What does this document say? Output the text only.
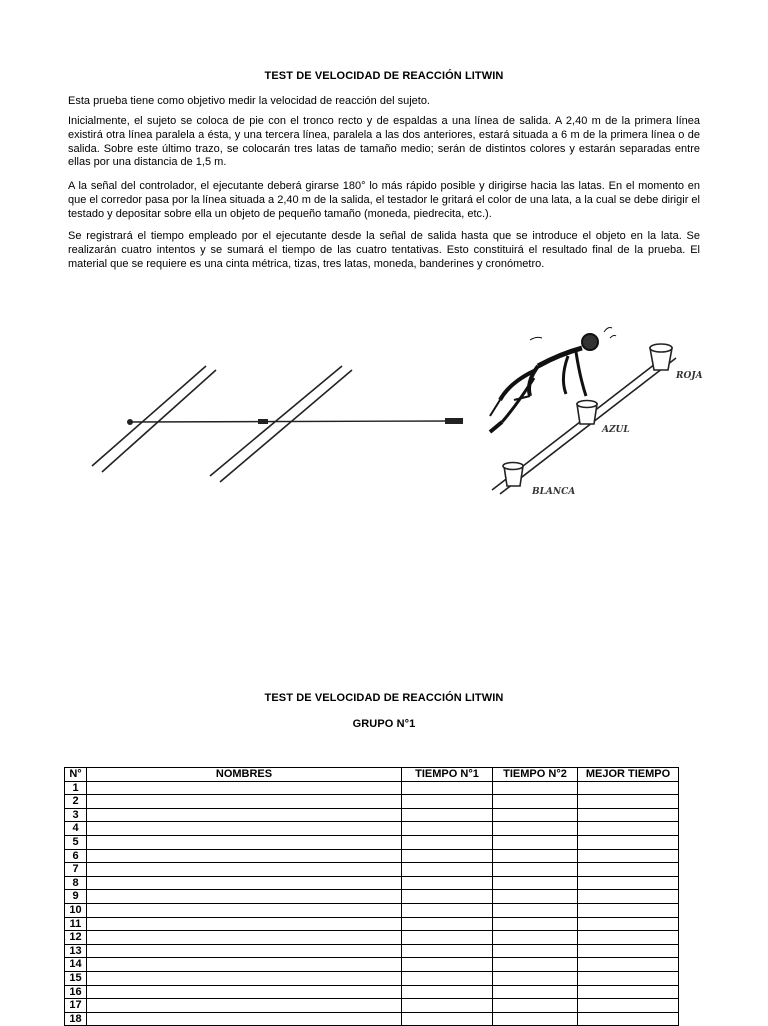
TEST DE VELOCIDAD DE REACCIÓN LITWIN

Esta prueba tiene como objetivo medir la velocidad de reacción del sujeto.

Inicialmente, el sujeto se coloca de pie con el tronco recto y de espaldas a una línea de salida. A 2,40 m de la primera línea existirá otra línea paralela a ésta, y una tercera línea, paralela a las dos anteriores, estará situada a 6 m de la primera línea o de salida. Sobre este último trazo, se colocarán tres latas de tamaño medio; serán de distintos colores y estarán separadas entre ellas por una distancia de 1,5 m.

A la señal del controlador, el ejecutante deberá girarse 180° lo más rápido posible y dirigirse hacia las latas. En el momento en que el corredor pasa por la línea situada a 2,40 m de la salida, el testador le gritará el color de una lata, a la cual se debe dirigir el testado y depositar sobre ella un objeto de pequeño tamaño (moneda, piedrecita, etc.).

Se registrará el tiempo empleado por el ejecutante desde la señal de salida hasta que se introduce el objeto en la lata. Se realizarán cuatro intentos y se sumará el tiempo de las cuatro tentativas. Esto constituirá el resultado final de la prueba. El material que se requiere es una cinta métrica, tizas, tres latas, moneda, banderines y cronómetro.

ROJA
AZUL
BLANCA
TEST DE VELOCIDAD DE REACCIÓN LITWIN
GRUPO N°1
N°	NOMBRES	TIEMPO N°1	TIEMPO N°2	MEJOR TIEMPO
1				
2				
3				
4				
5				
6				
7				
8				
9				
10				
11				
12				
13				
14				
15				
16				
17				
18				
